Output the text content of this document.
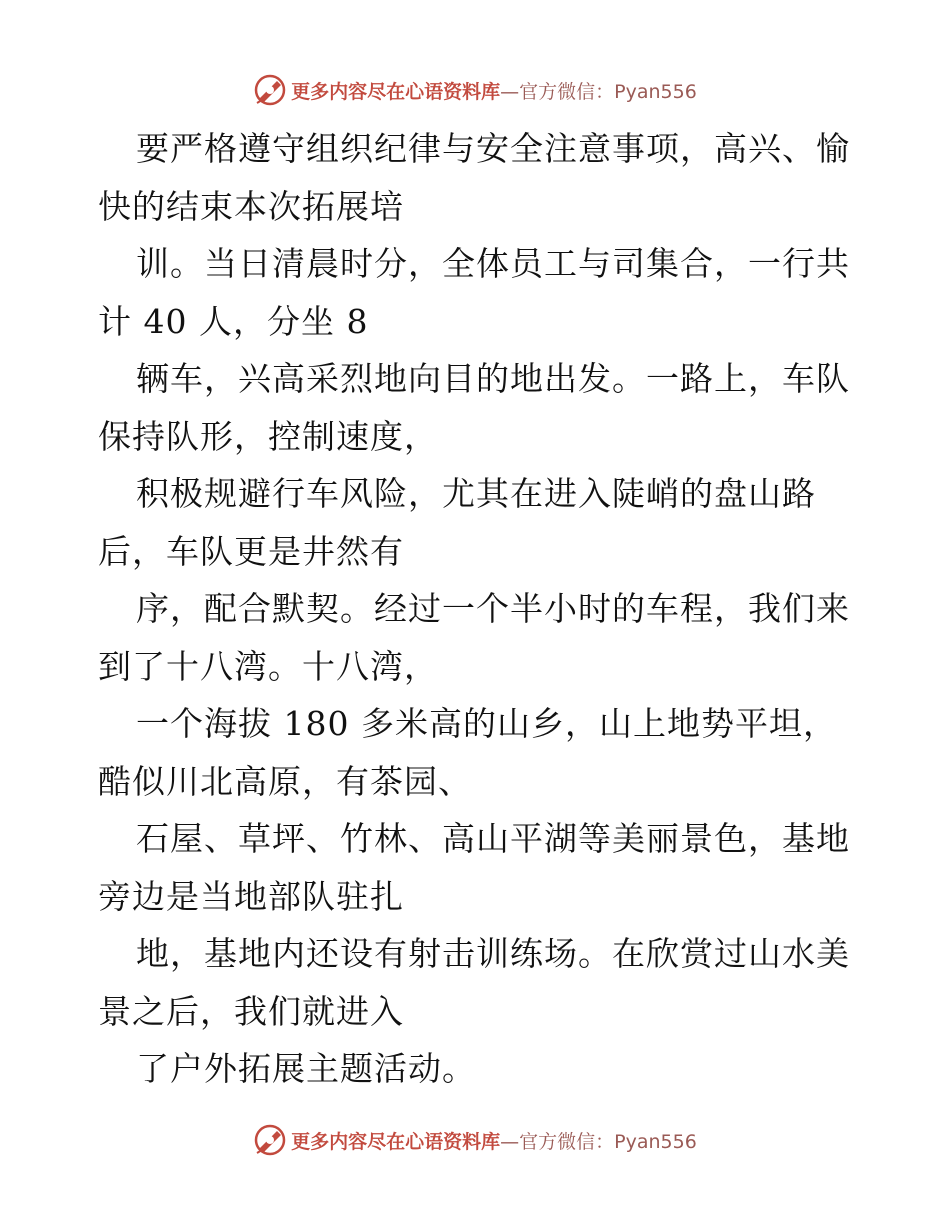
更多内容尽在心语资料库—官方微信：Pyan556
要严格遵守组织纪律与安全注意事项，高兴、愉
快的结束本次拓展培
训。当日清晨时分，全体员工与司集合，一行共
计 40 人，分坐 8
辆车，兴高采烈地向目的地出发。一路上，车队
保持队形，控制速度，
积极规避行车风险，尤其在进入陡峭的盘山路
后，车队更是井然有
序，配合默契。经过一个半小时的车程，我们来
到了十八湾。十八湾，
一个海拔 180 多米高的山乡，山上地势平坦，
酷似川北高原，有茶园、
石屋、草坪、竹林、高山平湖等美丽景色，基地
旁边是当地部队驻扎
地，基地内还设有射击训练场。在欣赏过山水美
景之后，我们就进入
了户外拓展主题活动。
更多内容尽在心语资料库—官方微信：Pyan556
